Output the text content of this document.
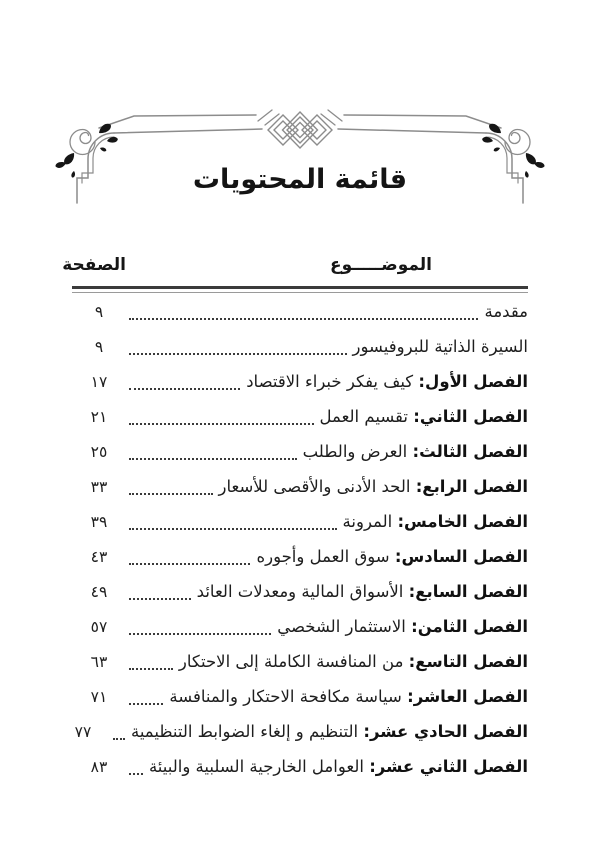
قائمة المحتويات
الموضـــــوع
الصفحة
مقدمة
٩
السيرة الذاتية للبروفيسور
٩
الفصل الأول: كيف يفكر خبراء الاقتصاد
١٧
الفصل الثاني: تقسيم العمل
٢١
الفصل الثالث: العرض والطلب
٢٥
الفصل الرابع: الحد الأدنى والأقصى للأسعار
٣٣
الفصل الخامس: المرونة
٣٩
الفصل السادس: سوق العمل وأجوره
٤٣
الفصل السابع: الأسواق المالية ومعدلات العائد
٤٩
الفصل الثامن: الاستثمار الشخصي
٥٧
الفصل التاسع: من المنافسة الكاملة إلى الاحتكار
٦٣
الفصل العاشر: سياسة مكافحة الاحتكار والمنافسة
٧١
الفصل الحادي عشر: التنظيم و إلغاء الضوابط التنظيمية
٧٧
الفصل الثاني عشر: العوامل الخارجية السلبية والبيئة
٨٣
